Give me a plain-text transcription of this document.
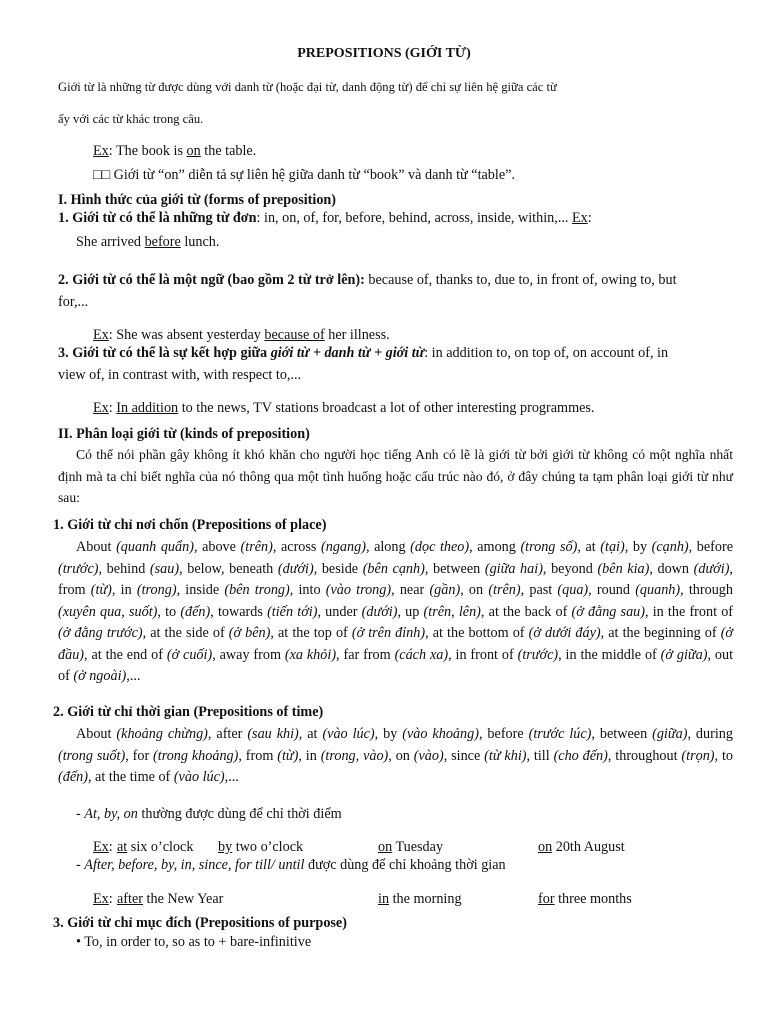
PREPOSITIONS (GIỚI TỪ)
Giới từ là những từ được dùng với danh từ (hoặc đại từ, danh động từ) để chỉ sự liên hệ giữa các từ
ấy với các từ khác trong câu.
Ex: The book is on the table.
□□ Giới từ “on” diễn tả sự liên hệ giữa danh từ “book” và danh từ “table”.
I. Hình thức của giới từ (forms of preposition)
1. Giới từ có thể là những từ đơn: in, on, of, for, before, behind, across, inside, within,... Ex:
She arrived before lunch.
2. Giới từ có thể là một ngữ (bao gồm 2 từ trở lên): because of, thanks to, due to, in front of, owing to, but
for,...
Ex: She was absent yesterday because of her illness.
3. Giới từ có thể là sự kết hợp giữa giới từ + danh từ + giới từ: in addition to, on top of, on account of, in
view of, in contrast with, with respect to,...
Ex: In addition to the news, TV stations broadcast a lot of other interesting programmes.
II. Phân loại giới từ (kinds of preposition)
Có thể nói phần gây không ít khó khăn cho người học tiếng Anh có lẽ là giới từ bởi giới từ không có một nghĩa nhất định mà ta chỉ biết nghĩa của nó thông qua một tình huống hoặc cấu trúc nào đó, ở đây chúng ta tạm phân loại giới từ như sau:
1. Giới từ chỉ nơi chốn (Prepositions of place)
About (quanh quẩn), above (trên), across (ngang), along (dọc theo), among (trong số), at (tại), by (cạnh), before (trước), behind (sau), below, beneath (dưới), beside (bên cạnh), between (giữa hai), beyond (bên kia), down (dưới), from (từ), in (trong), inside (bên trong), into (vào trong), near (gần), on (trên), past (qua), round (quanh), through (xuyên qua, suốt), to (đến), towards (tiến tới), under (dưới), up (trên, lên), at the back of (ở đằng sau), in the front of (ở đằng trước), at the side of (ở bên), at the top of (ở trên đỉnh), at the bottom of (ở dưới đáy), at the beginning of (ở đầu), at the end of (ở cuối), away from (xa khỏi), far from (cách xa), in front of (trước), in the middle of (ở giữa), out of (ở ngoài),...
2. Giới từ chỉ thời gian (Prepositions of time)
About (khoảng chừng), after (sau khi), at (vào lúc), by (vào khoảng), before (trước lúc), between (giữa), during (trong suốt), for (trong khoảng), from (từ), in (trong, vào), on (vào), since (từ khi), till (cho đến), throughout (trọn), to (đến), at the time of (vào lúc),...
- At, by, on thường được dùng để chỉ thời điểm
Ex: at six o’clock by two o’clock	on Tuesday	on 20th August
- After, before, by, in, since, for till/ until được dùng để chỉ khoảng thời gian
Ex: after the New Year	in the morning	for three months
3. Giới từ chỉ mục đích (Prepositions of purpose)
• To, in order to, so as to + bare-infinitive
